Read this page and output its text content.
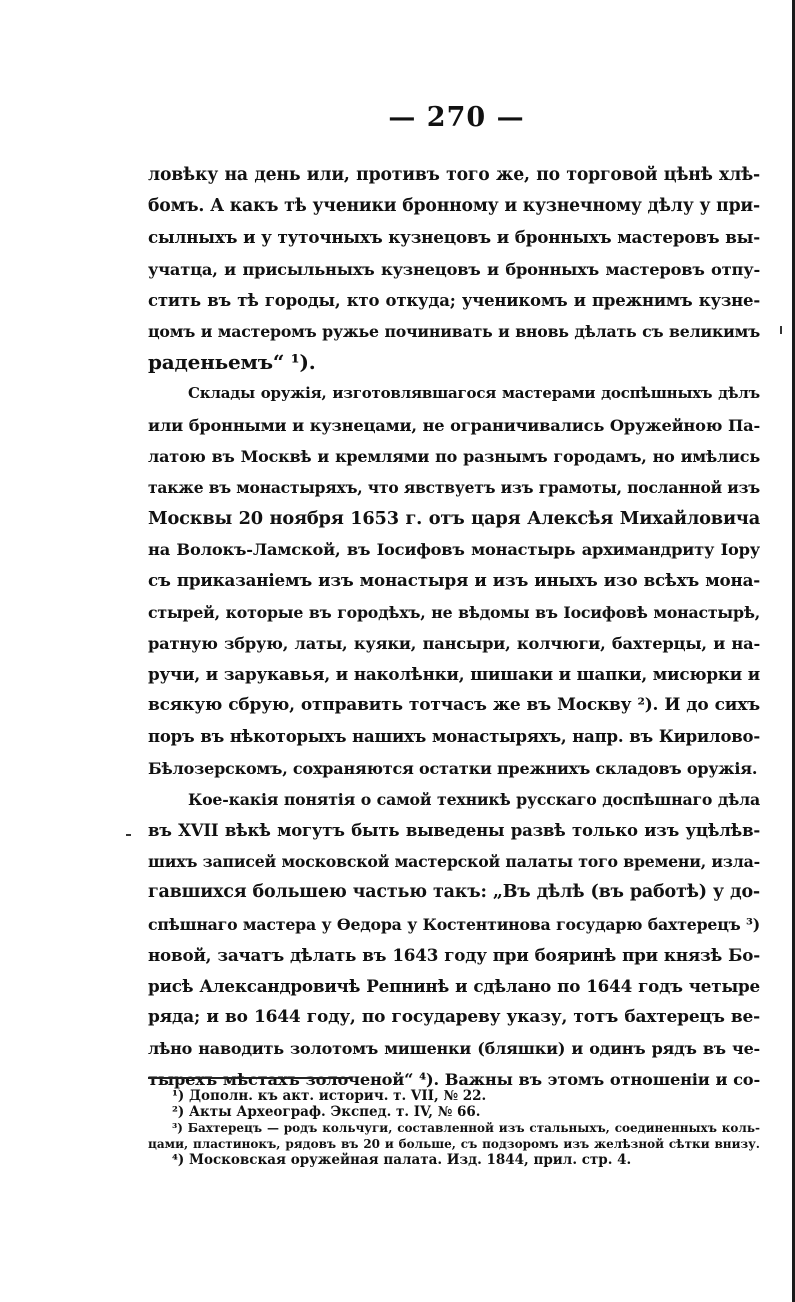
— 270 —
ловѣку на день или, противъ того же, по торговой цѣнѣ хлѣ-
бомъ. А какъ тѣ ученики бронному и кузнечному дѣлу у при-
сылныхъ и у туточныхъ кузнецовъ и бронныхъ мастеровъ вы-
учатца, и присыльныхъ кузнецовъ и бронныхъ мастеровъ отпу-
стить въ тѣ городы, кто откуда; ученикомъ и прежнимъ кузне-
цомъ и мастеромъ ружье починивать и вновь дѣлать съ великимъ
раденьемъ“ ¹).
Склады оружія, изготовлявшагося мастерами доспѣшныхъ дѣлъ
или бронными и кузнецами, не ограничивались Оружейною Па-
латою въ Москвѣ и кремлями по разнымъ городамъ, но имѣлись
также въ монастыряхъ, что явствуетъ изъ грамоты, посланной изъ
Москвы 20 ноября 1653 г. отъ царя Алексѣя Михайловича
на Волокъ-Ламской, въ Іосифовъ монастырь архимандриту Іору
съ приказаніемъ изъ монастыря и изъ иныхъ изо всѣхъ мона-
стырей, которые въ городѣхъ, не вѣдомы въ Іосифовѣ монастырѣ,
ратную збрую, латы, куяки, пансыри, колчюги, бахтерцы, и на-
ручи, и зарукавья, и наколѣнки, шишаки и шапки, мисюрки и
всякую сбрую, отправить тотчасъ же въ Москву ²). И до сихъ
поръ въ нѣкоторыхъ нашихъ монастыряхъ, напр. въ Кирилово-
Бѣлозерскомъ, сохраняются остатки прежнихъ складовъ оружія.
Кое-какія понятія о самой техникѣ русскаго доспѣшнаго дѣла
въ XVII вѣкѣ могутъ быть выведены развѣ только изъ уцѣлѣв-
шихъ записей московской мастерской палаты того времени, изла-
гавшихся большею частью такъ: „Въ дѣлѣ (въ работѣ) у до-
спѣшнаго мастера у Ѳедора у Костентинова государю бахтерецъ ³)
новой, зачатъ дѣлать въ 1643 году при бояринѣ при князѣ Бо-
рисѣ Александровичѣ Репнинѣ и сдѣлано по 1644 годъ четыре
ряда; и во 1644 году, по государеву указу, тотъ бахтерецъ ве-
лѣно наводить золотомъ мишенки (бляшки) и одинъ рядъ въ че-
тырехъ мѣстахъ золоченой“ ⁴). Важны въ этомъ отношеніи и со-
¹) Дополн. къ акт. историч. т. VII, № 22.
²) Акты Археограф. Экспед. т. IV, № 66.
³) Бахтерецъ — родъ кольчуги, составленной изъ стальныхъ, соединенныхъ коль-
цами, пластинокъ, рядовъ въ 20 и больше, съ подзоромъ изъ желѣзной сѣтки внизу.
⁴) Московская оружейная палата. Изд. 1844, прил. стр. 4.
